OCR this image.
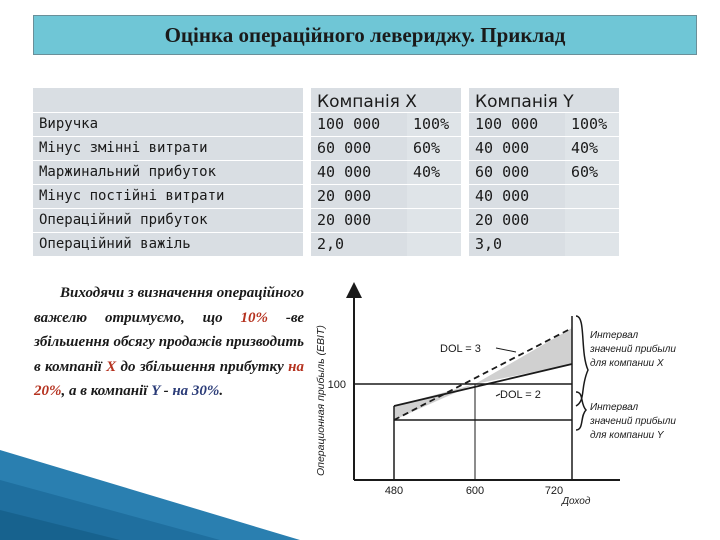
Оцінка операційного левериджу. Приклад
		Компанія X			Компанія Y	
Виручка		100 000	100%		100 000	100%
Мінус змінні витрати		60 000	60%		40 000	40%
Маржинальний прибуток		40 000	40%		60 000	60%
Мінус постійні витрати		20 000			40 000	
Операційний прибуток		20 000			20 000	
Операційний важіль		2,0			3,0	
Виходячи з визначення операційного важелю отримуємо, що 10% -ве збільшення обсягу продажів призводить в компанії X до збільшення прибутку на 20%, а в компанії Y - на 30%.	100
480	600	720
Операционная прибыль (EBIT)
Доход
DOL = 3
DOL = 2
Интервал значений прибыли для компании X
Интервал значений прибыли для компании Y
